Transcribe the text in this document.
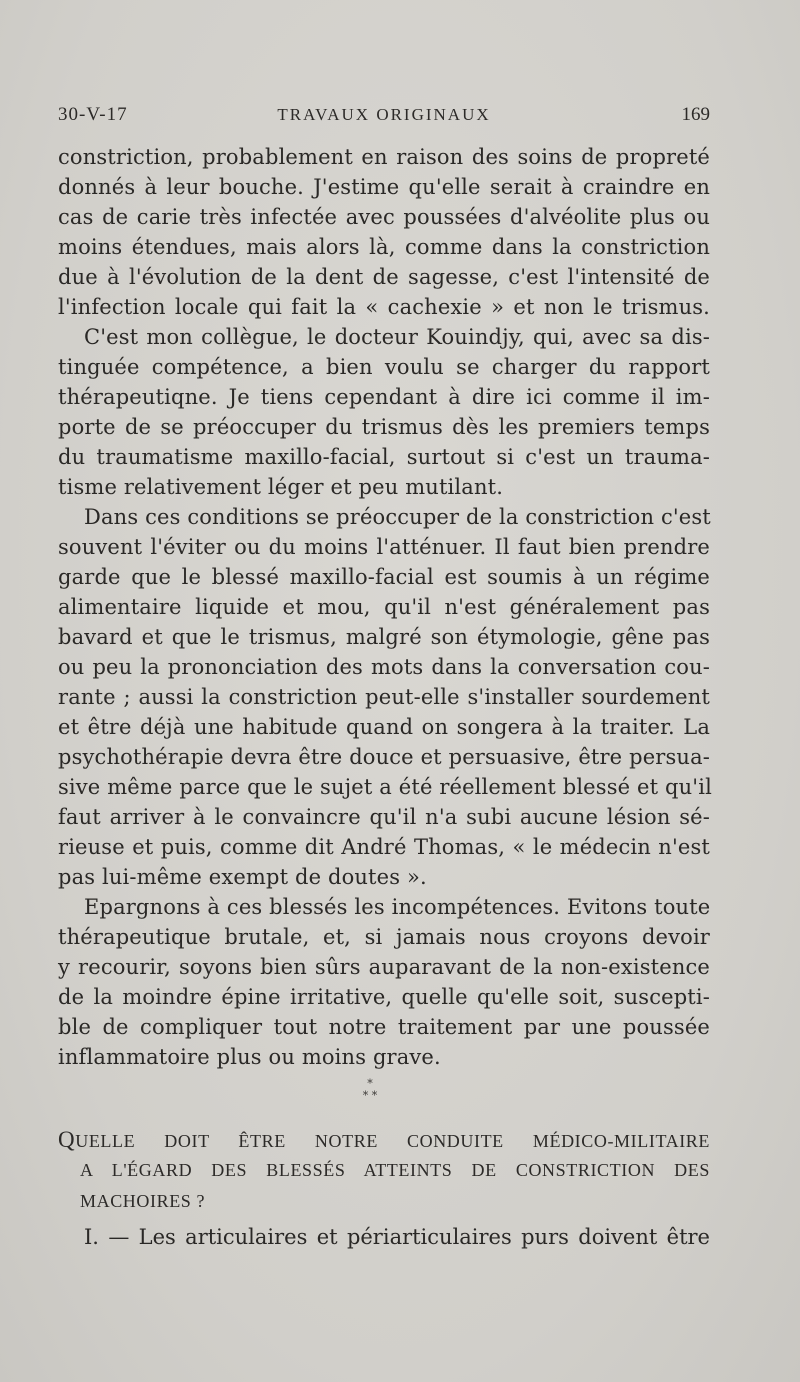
30-V-17	TRAVAUX ORIGINAUX	169
constriction, probablement en raison des soins de propreté
donnés à leur bouche. J'estime qu'elle serait à craindre en
cas de carie très infectée avec poussées d'alvéolite plus ou
moins étendues, mais alors là, comme dans la constriction
due à l'évolution de la dent de sagesse, c'est l'intensité de
l'infection locale qui fait la « cachexie » et non le trismus.
C'est mon collègue, le docteur Kouindjy, qui, avec sa dis-
tinguée compétence, a bien voulu se charger du rapport
thérapeutiqne. Je tiens cependant à dire ici comme il im-
porte de se préoccuper du trismus dès les premiers temps
du traumatisme maxillo-facial, surtout si c'est un trauma-
tisme relativement léger et peu mutilant.
Dans ces conditions se préoccuper de la constriction c'est
souvent l'éviter ou du moins l'atténuer. Il faut bien prendre
garde que le blessé maxillo-facial est soumis à un régime
alimentaire liquide et mou, qu'il n'est généralement pas
bavard et que le trismus, malgré son étymologie, gêne pas
ou peu la prononciation des mots dans la conversation cou-
rante ; aussi la constriction peut-elle s'installer sourdement
et être déjà une habitude quand on songera à la traiter. La
psychothérapie devra être douce et persuasive, être persua-
sive même parce que le sujet a été réellement blessé et qu'il
faut arriver à le convaincre qu'il n'a subi aucune lésion sé-
rieuse et puis, comme dit André Thomas, « le médecin n'est
pas lui-même exempt de doutes ».
Epargnons à ces blessés les incompétences. Evitons toute
thérapeutique brutale, et, si jamais nous croyons devoir
y recourir, soyons bien sûrs auparavant de la non-existence
de la moindre épine irritative, quelle qu'elle soit, suscepti-
ble de compliquer tout notre traitement par une poussée
inflammatoire plus ou moins grave.
*
* *
QUELLE DOIT ÊTRE NOTRE CONDUITE MÉDICO-MILITAIRE
A L'ÉGARD DES BLESSÉS ATTEINTS DE CONSTRICTION DES
MACHOIRES ?
I. — Les articulaires et périarticulaires purs doivent être
